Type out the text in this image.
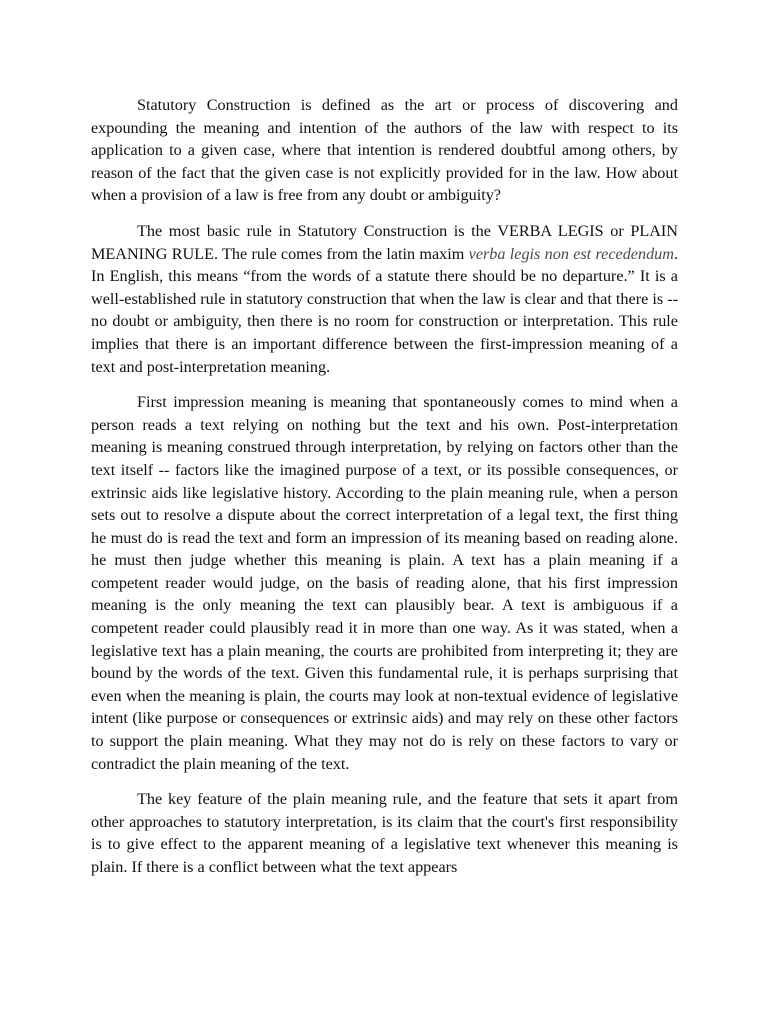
Statutory Construction is defined as the art or process of discovering and expounding the meaning and intention of the authors of the law with respect to its application to a given case, where that intention is rendered doubtful among others, by reason of the fact that the given case is not explicitly provided for in the law. How about when a provision of a law is free from any doubt or ambiguity?

The most basic rule in Statutory Construction is the VERBA LEGIS or PLAIN MEANING RULE. The rule comes from the latin maxim verba legis non est recedendum. In English, this means “from the words of a statute there should be no departure.” It is a well-established rule in statutory construction that when the law is clear and that there is -- no doubt or ambiguity, then there is no room for construction or interpretation. This rule implies that there is an important difference between the first-impression meaning of a text and post-interpretation meaning.

First impression meaning is meaning that spontaneously comes to mind when a person reads a text relying on nothing but the text and his own. Post-interpretation meaning is meaning construed through interpretation, by relying on factors other than the text itself -- factors like the imagined purpose of a text, or its possible consequences, or extrinsic aids like legislative history. According to the plain meaning rule, when a person sets out to resolve a dispute about the correct interpretation of a legal text, the first thing he must do is read the text and form an impression of its meaning based on reading alone. he must then judge whether this meaning is plain. A text has a plain meaning if a competent reader would judge, on the basis of reading alone, that his first impression meaning is the only meaning the text can plausibly bear. A text is ambiguous if a competent reader could plausibly read it in more than one way. As it was stated, when a legislative text has a plain meaning, the courts are prohibited from interpreting it; they are bound by the words of the text. Given this fundamental rule, it is perhaps surprising that even when the meaning is plain, the courts may look at non-textual evidence of legislative intent (like purpose or consequences or extrinsic aids) and may rely on these other factors to support the plain meaning. What they may not do is rely on these factors to vary or contradict the plain meaning of the text.

The key feature of the plain meaning rule, and the feature that sets it apart from other approaches to statutory interpretation, is its claim that the court's first responsibility is to give effect to the apparent meaning of a legislative text whenever this meaning is plain. If there is a conflict between what the text appears
